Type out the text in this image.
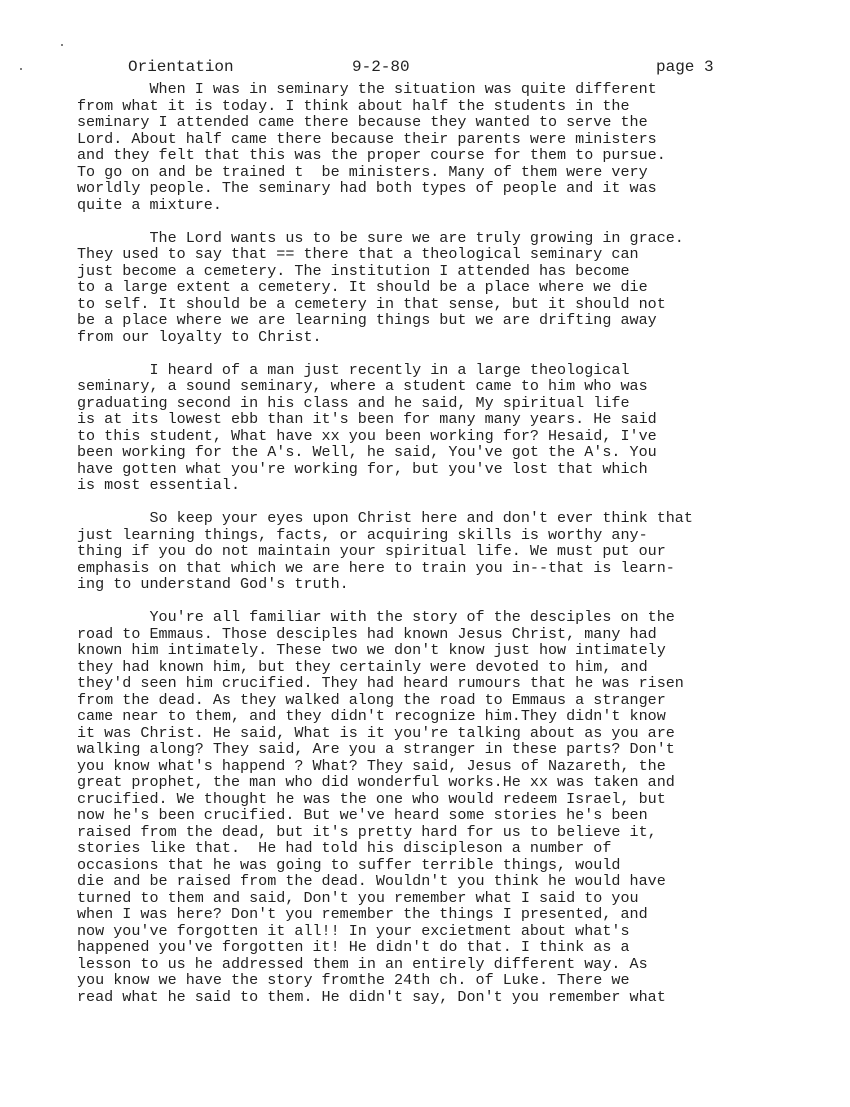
Orientation	9-2-80	page 3
When I was in seminary the situation was quite different
from what it is today. I think about half the students in the
seminary I attended came there because they wanted to serve the
Lord. About half came there because their parents were ministers
and they felt that this was the proper course for them to pursue.
To go on and be trained t  be ministers. Many of them were very
worldly people. The seminary had both types of people and it was
quite a mixture.
The Lord wants us to be sure we are truly growing in grace.
They used to say that == there that a theological seminary can
just become a cemetery. The institution I attended has become
to a large extent a cemetery. It should be a place where we die
to self. It should be a cemetery in that sense, but it should not
be a place where we are learning things but we are drifting away
from our loyalty to Christ.
I heard of a man just recently in a large theological
seminary, a sound seminary, where a student came to him who was
graduating second in his class and he said, My spiritual life
is at its lowest ebb than it's been for many many years. He said
to this student, What have xx you been working for? Hesaid, I've
been working for the A's. Well, he said, You've got the A's. You
have gotten what you're working for, but you've lost that which
is most essential.
So keep your eyes upon Christ here and don't ever think that
just learning things, facts, or acquiring skills is worthy any-
thing if you do not maintain your spiritual life. We must put our
emphasis on that which we are here to train you in--that is learn-
ing to understand God's truth.
You're all familiar with the story of the desciples on the
road to Emmaus. Those desciples had known Jesus Christ, many had
known him intimately. These two we don't know just how intimately
they had known him, but they certainly were devoted to him, and
they'd seen him crucified. They had heard rumours that he was risen
from the dead. As they walked along the road to Emmaus a stranger
came near to them, and they didn't recognize him.They didn't know
it was Christ. He said, What is it you're talking about as you are
walking along? They said, Are you a stranger in these parts? Don't
you know what's happend ? What? They said, Jesus of Nazareth, the
great prophet, the man who did wonderful works.He xx was taken and
crucified. We thought he was the one who would redeem Israel, but
now he's been crucified. But we've heard some stories he's been
raised from the dead, but it's pretty hard for us to believe it,
stories like that.  He had told his discipleson a number of
occasions that he was going to suffer terrible things, would
die and be raised from the dead. Wouldn't you think he would have
turned to them and said, Don't you remember what I said to you
when I was here? Don't you remember the things I presented, and
now you've forgotten it all!! In your excietment about what's
happened you've forgotten it! He didn't do that. I think as a
lesson to us he addressed them in an entirely different way. As
you know we have the story fromthe 24th ch. of Luke. There we
read what he said to them. He didn't say, Don't you remember what
